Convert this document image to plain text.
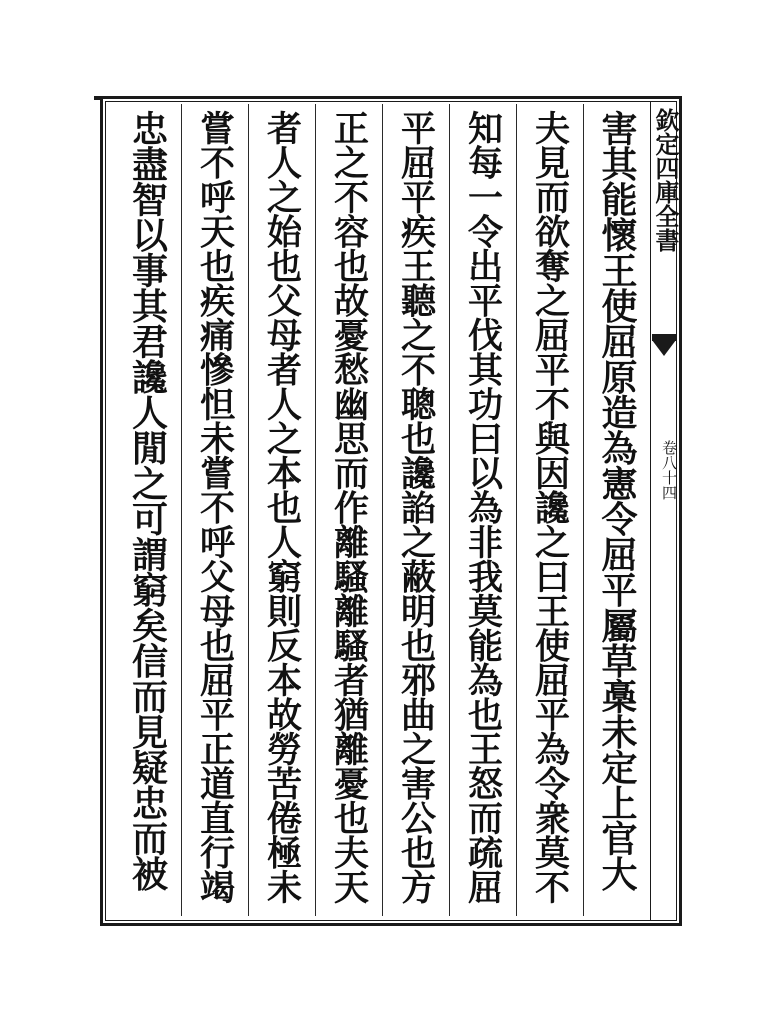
欽定四庫全書
卷八十四
害其能懷王使屈原造為憲令屈平屬草槀未定上官大
夫見而欲奪之屈平不與因讒之曰王使屈平為令衆莫不
知每一令出平伐其功曰以為非我莫能為也王怒而疏屈
平屈平疾王聽之不聰也讒諂之蔽明也邪曲之害公也方
正之不容也故憂愁幽思而作離騷離騷者猶離憂也夫天
者人之始也父母者人之本也人窮則反本故勞苦倦極未
嘗不呼天也疾痛慘怛未嘗不呼父母也屈平正道直行竭
忠盡智以事其君讒人閒之可謂窮矣信而見疑忠而被
